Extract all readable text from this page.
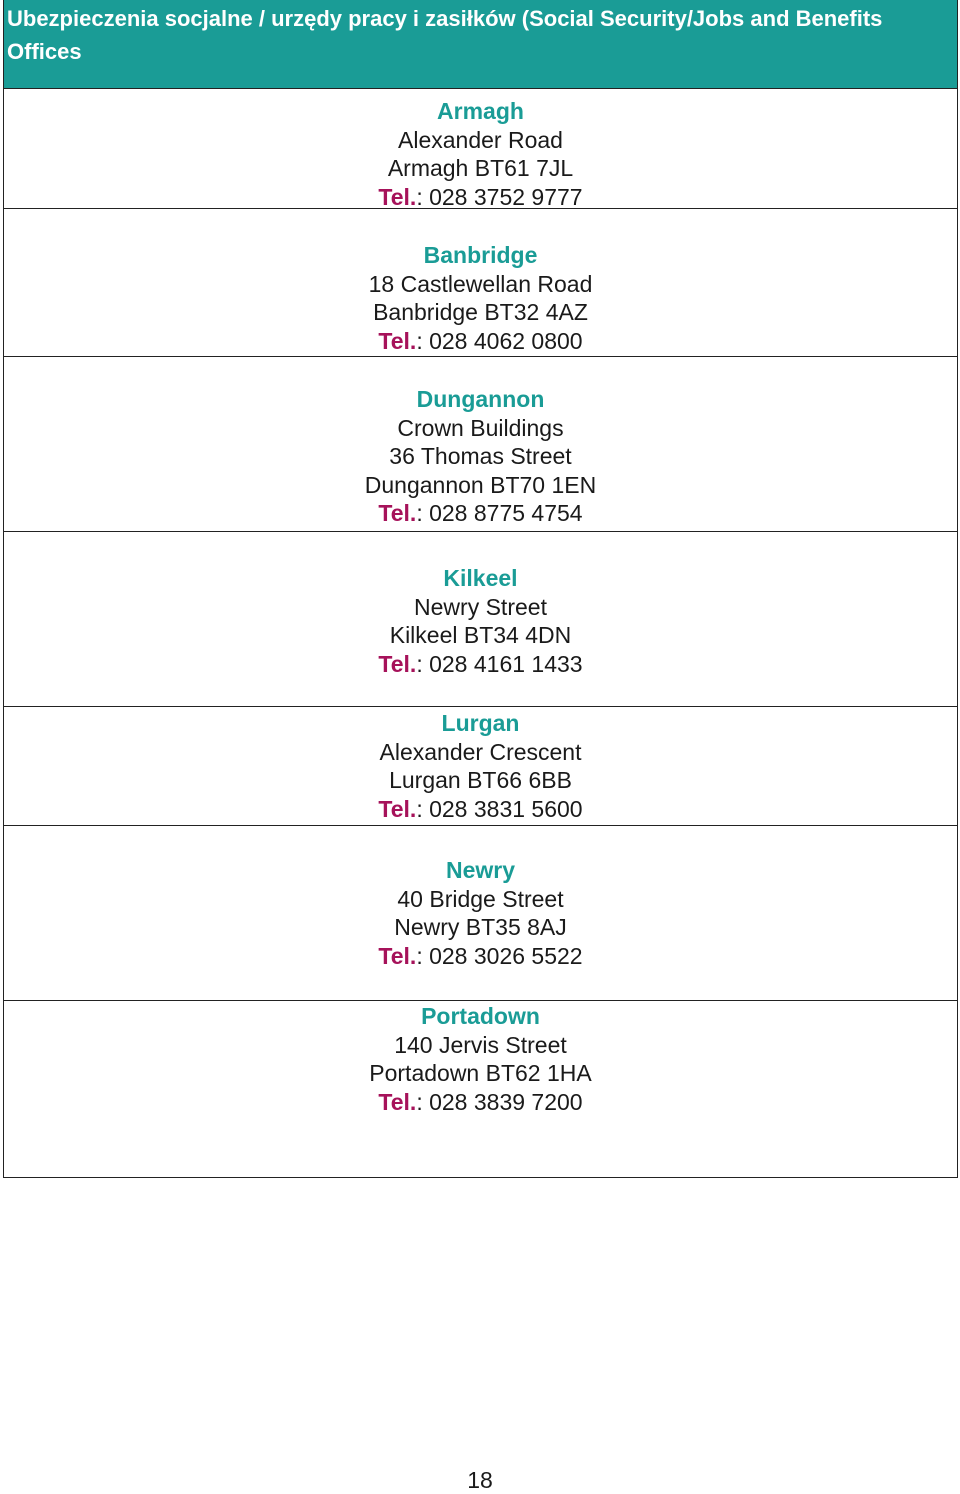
Ubezpieczenia socjalne / urzędy pracy i zasiłków (Social Security/Jobs and Benefits Offices
Armagh
Alexander Road
Armagh BT61 7JL
Tel.: 028 3752 9777
Banbridge
18 Castlewellan Road
Banbridge BT32 4AZ
Tel.: 028 4062 0800
Dungannon
Crown Buildings
36 Thomas Street
Dungannon BT70 1EN
Tel.: 028 8775 4754
Kilkeel
Newry Street
Kilkeel BT34 4DN
Tel.: 028 4161 1433
Lurgan
Alexander Crescent
Lurgan BT66 6BB
Tel.: 028 3831 5600
Newry
40 Bridge Street
Newry BT35 8AJ
Tel.: 028 3026 5522
Portadown
140 Jervis Street
Portadown BT62 1HA
Tel.: 028 3839 7200
18
